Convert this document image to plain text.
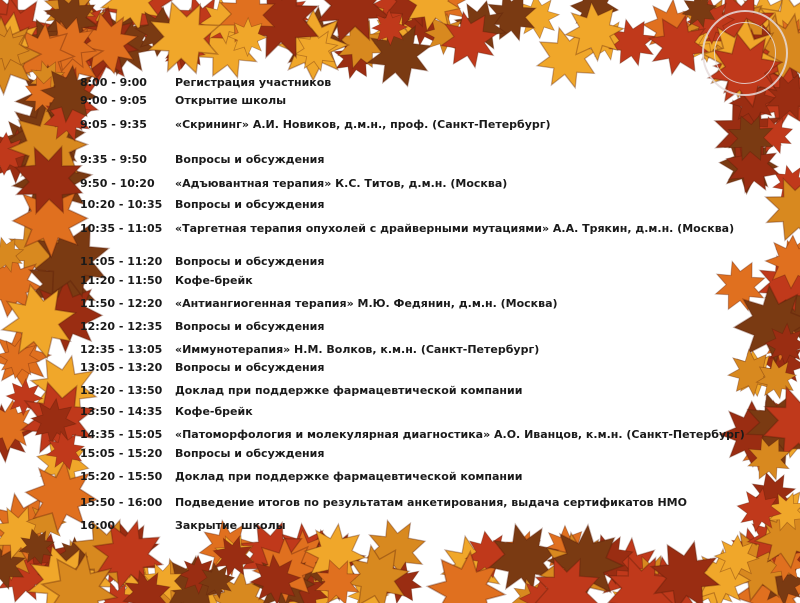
8:00 - 9:00	Регистрация участников
9:00 - 9:05	Открытие школы
9:05 - 9:35	«Скрининг» А.И. Новиков, д.м.н., проф. (Санкт-Петербург)
9:35 - 9:50	Вопросы и обсуждения
9:50 - 10:20 «Адъювантная терапия» К.С. Титов, д.м.н. (Москва)
10:20 - 10:35 Вопросы и обсуждения
10:35 - 11:05 «Таргетная терапия опухолей с драйверными мутациями» А.А. Трякин, д.м.н. (Москва)
11:05 - 11:20 Вопросы и обсуждения
11:20 - 11:50 Кофе-брейк
11:50 - 12:20 «Антиангиогенная терапия» М.Ю. Федянин, д.м.н. (Москва)
12:20 - 12:35 Вопросы и обсуждения
12:35 - 13:05 «Иммунотерапия» Н.М. Волков, к.м.н. (Санкт-Петербург)
13:05 - 13:20 Вопросы и обсуждения
13:20 - 13:50 Доклад при поддержке фармацевтической компании
13:50 - 14:35 Кофе-брейк
14:35 - 15:05 «Патоморфология и молекулярная диагностика» А.О. Иванцов, к.м.н. (Санкт-Петербург)
15:05 - 15:20 Вопросы и обсуждения
15:20 - 15:50 Доклад при поддержке фармацевтической компании
15:50 - 16:00 Подведение итогов по результатам анкетирования, выдача сертификатов НМО
16:00	Закрытие школы
